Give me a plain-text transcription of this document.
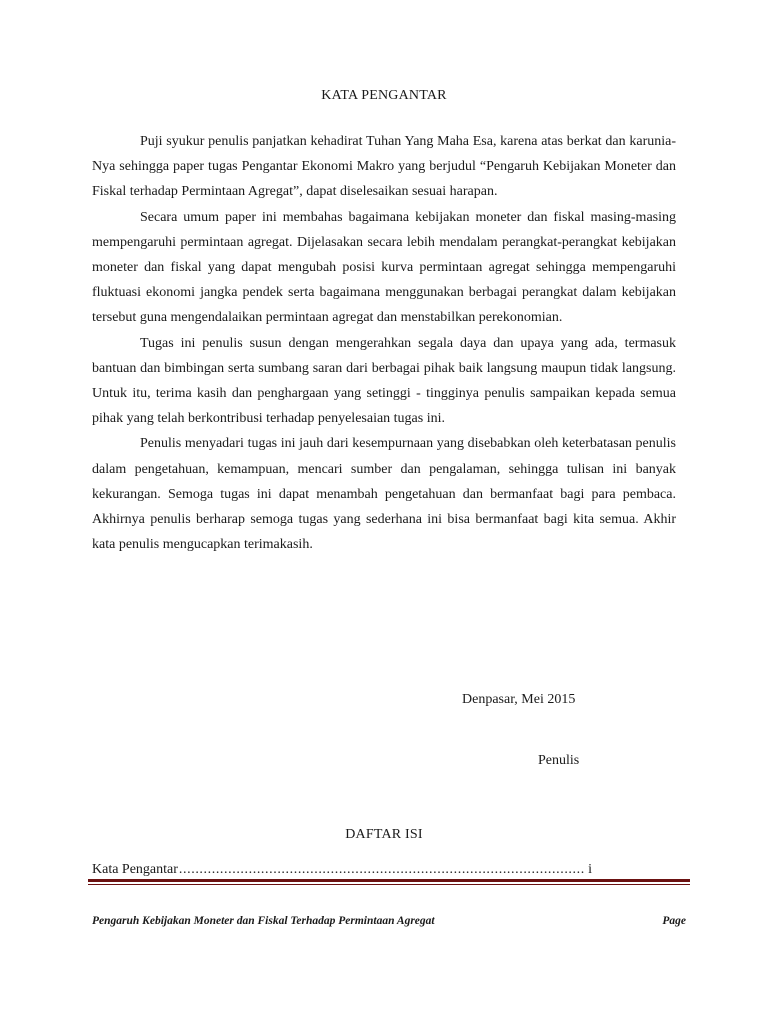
KATA PENGANTAR

Puji syukur penulis panjatkan kehadirat Tuhan Yang Maha Esa, karena atas berkat dan karunia-Nya sehingga paper tugas Pengantar Ekonomi Makro yang berjudul “Pengaruh Kebijakan Moneter dan Fiskal terhadap Permintaan Agregat”, dapat diselesaikan sesuai harapan.

Secara umum paper ini membahas bagaimana kebijakan moneter dan fiskal masing-masing mempengaruhi permintaan agregat. Dijelasakan secara lebih mendalam perangkat-perangkat kebijakan moneter dan fiskal yang dapat mengubah posisi kurva permintaan agregat sehingga mempengaruhi fluktuasi ekonomi jangka pendek serta bagaimana menggunakan berbagai perangkat dalam kebijakan tersebut guna mengendalaikan permintaan agregat dan menstabilkan perekonomian.

Tugas ini penulis susun dengan mengerahkan segala daya dan upaya yang ada, termasuk bantuan dan bimbingan serta sumbang saran dari berbagai pihak baik langsung maupun tidak langsung. Untuk itu, terima kasih dan penghargaan yang setinggi - tingginya penulis sampaikan kepada semua pihak yang telah berkontribusi terhadap penyelesaian tugas ini.

Penulis menyadari tugas ini jauh dari kesempurnaan yang disebabkan oleh keterbatasan penulis dalam pengetahuan, kemampuan, mencari sumber dan pengalaman, sehingga tulisan ini banyak kekurangan. Semoga tugas ini dapat menambah pengetahuan dan bermanfaat bagi para pembaca. Akhirnya penulis berharap semoga tugas yang sederhana ini bisa bermanfaat bagi kita semua. Akhir kata penulis mengucapkan terimakasih.

Denpasar, Mei 2015
Penulis
DAFTAR ISI
Kata Pengantar
.....	i
Pengaruh Kebijakan Moneter dan Fiskal Terhadap Permintaan Agregat	Page
